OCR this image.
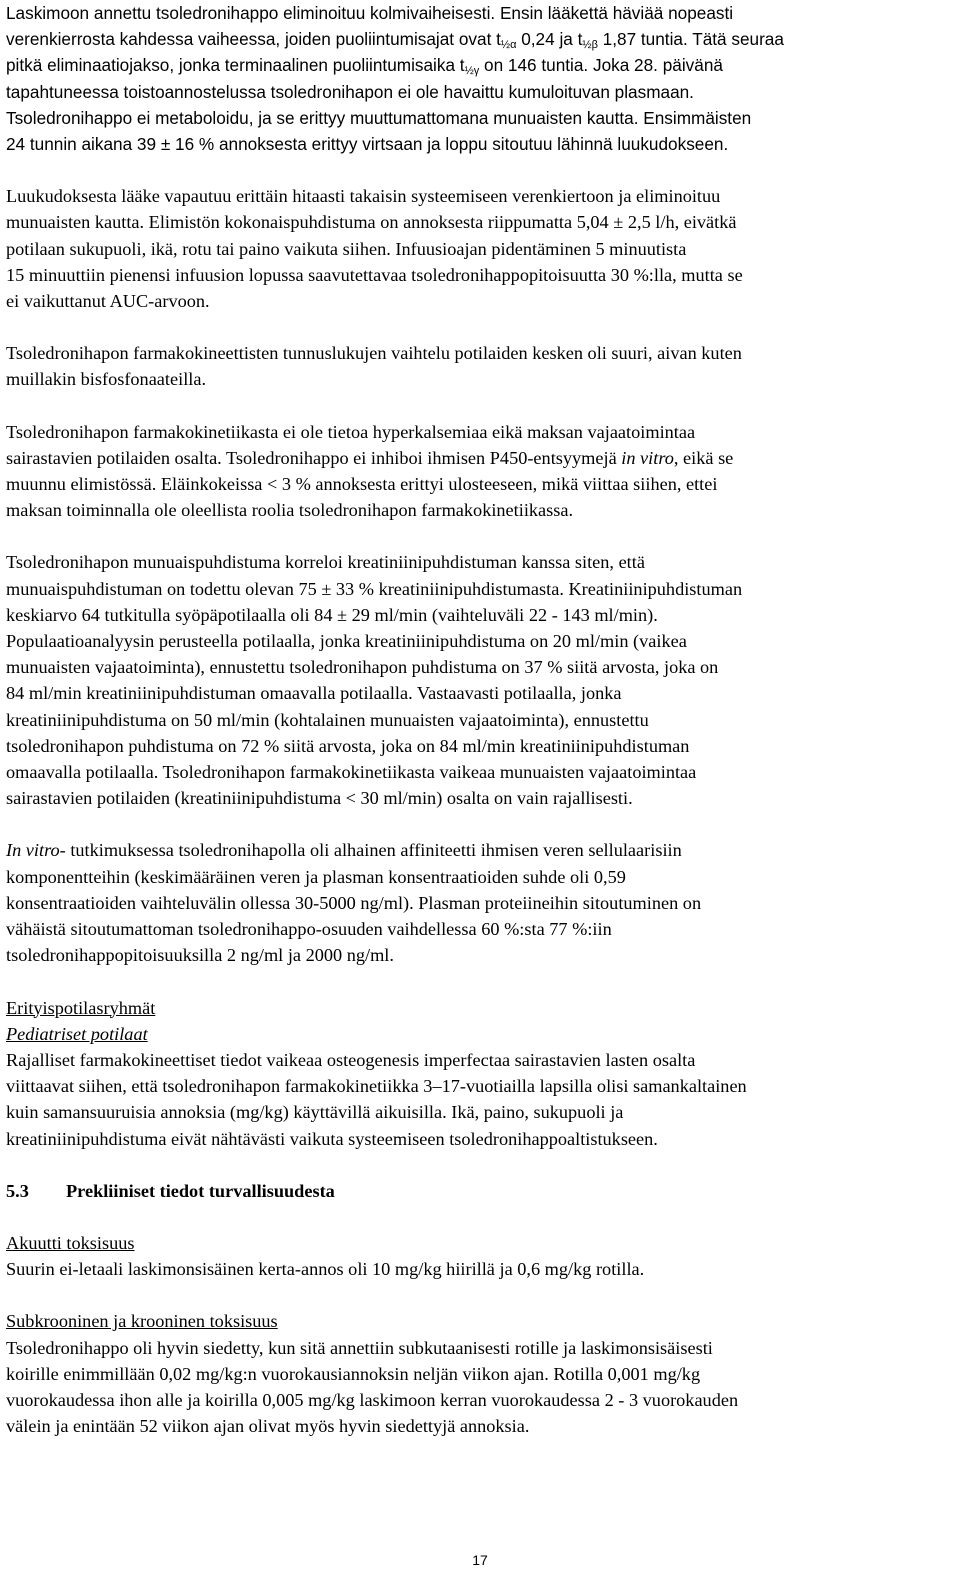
Laskimoon annettu tsoledronihappo eliminoituu kolmivaiheisesti. Ensin lääkettä häviää nopeasti
verenkierrosta kahdessa vaiheessa, joiden puoliintumisajat ovat $t_{\frac{1}{2}\alpha}$ 0,24 ja $t_{\frac{1}{2}\beta}$ 1,87 tuntia. Tätä seuraa
pitkä eliminaatiojakso, jonka terminaalinen puoliintumisaika $t_{\frac{1}{2}\gamma}$ on 146 tuntia. Joka 28. päivänä
tapahtuneessa toistoannostelussa tsoledronihapon ei ole havaittu kumuloituvan plasmaan.
Tsoledronihappo ei metaboloidu, ja se erittyy muuttumattomana munuaisten kautta. Ensimmäisten
24 tunnin aikana 39 ± 16 % annoksesta erittyy virtsaan ja loppu sitoutuu lähinnä luukudokseen.
Luukudoksesta lääke vapautuu erittäin hitaasti takaisin systeemiseen verenkiertoon ja eliminoituu
munuaisten kautta. Elimistön kokonaispuhdistuma on annoksesta riippumatta 5,04 ± 2,5 l/h, eivätkä
potilaan sukupuoli, ikä, rotu tai paino vaikuta siihen. Infuusioajan pidentäminen 5 minuutista
15 minuuttiin pienensi infuusion lopussa saavutettavaa tsoledronihappopitoisuutta 30 %:lla, mutta se
ei vaikuttanut AUC-arvoon.
Tsoledronihapon farmakokineettisten tunnuslukujen vaihtelu potilaiden kesken oli suuri, aivan kuten
muillakin bisfosfonaateilla.
Tsoledronihapon farmakokinetiikasta ei ole tietoa hyperkalsemiaa eikä maksan vajaatoimintaa
sairastavien potilaiden osalta. Tsoledronihappo ei inhiboi ihmisen P450-entsyymejä in vitro, eikä se
muunnu elimistössä. Eläinkokeissa < 3 % annoksesta erittyi ulosteeseen, mikä viittaa siihen, ettei
maksan toiminnalla ole oleellista roolia tsoledronihapon farmakokinetiikassa.
Tsoledronihapon munuaispuhdistuma korreloi kreatiniinipuhdistuman kanssa siten, että
munuaispuhdistuman on todettu olevan 75 ± 33 % kreatiniinipuhdistumasta. Kreatiniinipuhdistuman
keskiarvo 64 tutkitulla syöpäpotilaalla oli 84 ± 29 ml/min (vaihteluväli 22 - 143 ml/min).
Populaatioanalyysin perusteella potilaalla, jonka kreatiniinipuhdistuma on 20 ml/min (vaikea
munuaisten vajaatoiminta), ennustettu tsoledronihapon puhdistuma on 37 % siitä arvosta, joka on
84 ml/min kreatiniinipuhdistuman omaavalla potilaalla. Vastaavasti potilaalla, jonka
kreatiniinipuhdistuma on 50 ml/min (kohtalainen munuaisten vajaatoiminta), ennustettu
tsoledronihapon puhdistuma on 72 % siitä arvosta, joka on 84 ml/min kreatiniinipuhdistuman
omaavalla potilaalla. Tsoledronihapon farmakokinetiikasta vaikeaa munuaisten vajaatoimintaa
sairastavien potilaiden (kreatiniinipuhdistuma < 30 ml/min) osalta on vain rajallisesti.
In vitro- tutkimuksessa tsoledronihapolla oli alhainen affiniteetti ihmisen veren sellulaarisiin
komponentteihin (keskimääräinen veren ja plasman konsentraatioiden suhde oli 0,59
konsentraatioiden vaihteluvälin ollessa 30-5000 ng/ml). Plasman proteiineihin sitoutuminen on
vähäistä sitoutumattoman tsoledronihappo-osuuden vaihdellessa 60 %:sta 77 %:iin
tsoledronihappopitoisuuksilla 2 ng/ml ja 2000 ng/ml.
Erityispotilasryhmät
Pediatriset potilaat
Rajalliset farmakokineettiset tiedot vaikeaa osteogenesis imperfectaa sairastavien lasten osalta
viittaavat siihen, että tsoledronihapon farmakokinetiikka 3–17-vuotiailla lapsilla olisi samankaltainen
kuin samansuuruisia annoksia (mg/kg) käyttävillä aikuisilla. Ikä, paino, sukupuoli ja
kreatiniinipuhdistuma eivät nähtävästi vaikuta systeemiseen tsoledronihappoaltistukseen.
5.3 Prekliiniset tiedot turvallisuudesta
Akuutti toksisuus
Suurin ei-letaali laskimonsisäinen kerta-annos oli 10 mg/kg hiirillä ja 0,6 mg/kg rotilla.
Subkrooninen ja krooninen toksisuus
Tsoledronihappo oli hyvin siedetty, kun sitä annettiin subkutaanisesti rotille ja laskimonsisäisesti
koirille enimmillään 0,02 mg/kg:n vuorokausiannoksin neljän viikon ajan. Rotilla 0,001 mg/kg
vuorokaudessa ihon alle ja koirilla 0,005 mg/kg laskimoon kerran vuorokaudessa 2 - 3 vuorokauden
välein ja enintään 52 viikon ajan olivat myös hyvin siedettyjä annoksia.
17
